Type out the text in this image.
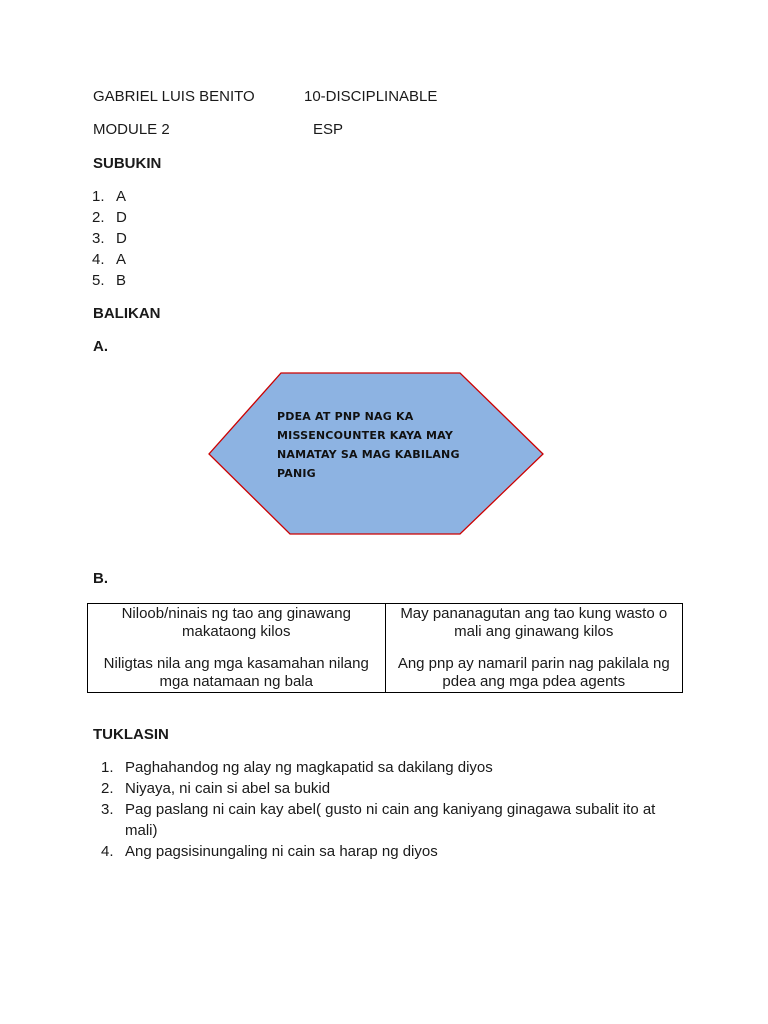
GABRIEL LUIS BENITO	10-DISCIPLINABLE
MODULE 2	ESP
SUBUKIN
1. A
2. D
3. D
4. A
5. B
BALIKAN
A.
PDEA AT PNP NAG KA
MISSENCOUNTER KAYA MAY
NAMATAY SA MAG KABILANG
PANIG
B.
Niloob/ninais ng tao ang ginawang makataong kilos	May pananagutan ang tao kung wasto o mali ang ginawang kilos
Niligtas nila ang mga kasamahan nilang mga natamaan ng bala	Ang pnp ay namaril parin nag pakilala ng pdea ang mga pdea agents
TUKLASIN
1. Paghahandog ng alay ng magkapatid sa dakilang diyos
2. Niyaya, ni cain si abel sa bukid
3. Pag paslang ni cain kay abel( gusto ni cain ang kaniyang ginagawa subalit ito at mali)
4. Ang pagsisinungaling ni cain sa harap ng diyos
